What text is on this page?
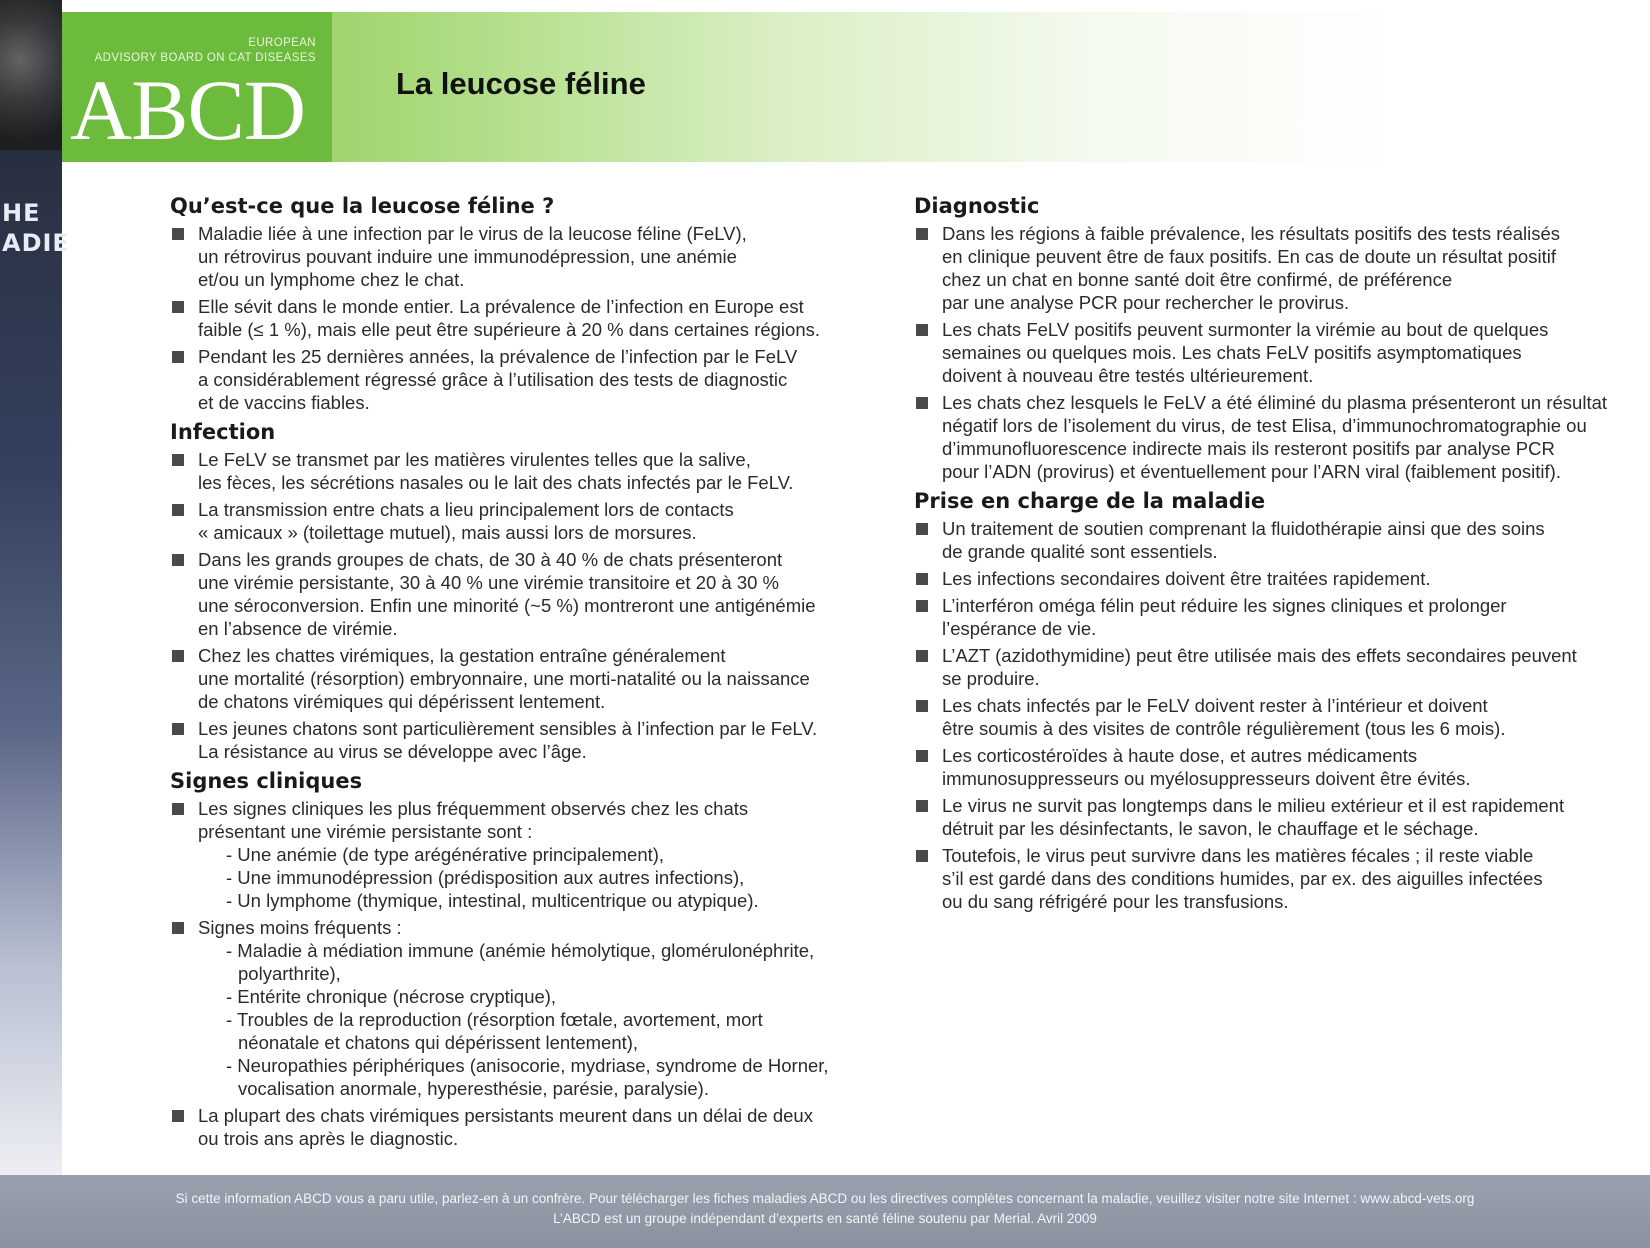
HE
ADIE
EUROPEAN
ADVISORY BOARD ON CAT DISEASES
ABCD	La leucose féline
Qu’est-ce que la leucose féline ?
Maladie liée à une infection par le virus de la leucose féline (FeLV),
un rétrovirus pouvant induire une immunodépression, une anémie
et/ou un lymphome chez le chat.
Elle sévit dans le monde entier. La prévalence de l’infection en Europe est
faible (≤ 1 %), mais elle peut être supérieure à 20 % dans certaines régions.
Pendant les 25 dernières années, la prévalence de l’infection par le FeLV
a considérablement régressé grâce à l’utilisation des tests de diagnostic
et de vaccins fiables.
Infection
Le FeLV se transmet par les matières virulentes telles que la salive,
les fèces, les sécrétions nasales ou le lait des chats infectés par le FeLV.
La transmission entre chats a lieu principalement lors de contacts
« amicaux » (toilettage mutuel), mais aussi lors de morsures.
Dans les grands groupes de chats, de 30 à 40 % de chats présenteront
une virémie persistante, 30 à 40 % une virémie transitoire et 20 à 30 %
une séroconversion. Enfin une minorité (~5 %) montreront une antigénémie
en l’absence de virémie.
Chez les chattes virémiques, la gestation entraîne généralement
une mortalité (résorption) embryonnaire, une morti-natalité ou la naissance
de chatons virémiques qui dépérissent lentement.
Les jeunes chatons sont particulièrement sensibles à l’infection par le FeLV.
La résistance au virus se développe avec l’âge.
Signes cliniques
Les signes cliniques les plus fréquemment observés chez les chats
présentant une virémie persistante sont :
- Une anémie (de type arégénérative principalement),
- Une immunodépression (prédisposition aux autres infections),
- Un lymphome (thymique, intestinal, multicentrique ou atypique).
Signes moins fréquents :
- Maladie à médiation immune (anémie hémolytique, glomérulonéphrite,
polyarthrite),
- Entérite chronique (nécrose cryptique),
- Troubles de la reproduction (résorption fœtale, avortement, mort
néonatale et chatons qui dépérissent lentement),
- Neuropathies périphériques (anisocorie, mydriase, syndrome de Horner,
vocalisation anormale, hyperesthésie, parésie, paralysie).
La plupart des chats virémiques persistants meurent dans un délai de deux
ou trois ans après le diagnostic.
Diagnostic
Dans les régions à faible prévalence, les résultats positifs des tests réalisés
en clinique peuvent être de faux positifs. En cas de doute un résultat positif
chez un chat en bonne santé doit être confirmé, de préférence
par une analyse PCR pour rechercher le provirus.
Les chats FeLV positifs peuvent surmonter la virémie au bout de quelques
semaines ou quelques mois. Les chats FeLV positifs asymptomatiques
doivent à nouveau être testés ultérieurement.
Les chats chez lesquels le FeLV a été éliminé du plasma présenteront un résultat
négatif lors de l’isolement du virus, de test Elisa, d’immunochromatographie ou
d’immunofluorescence indirecte mais ils resteront positifs par analyse PCR
pour l’ADN (provirus) et éventuellement pour l’ARN viral (faiblement positif).
Prise en charge de la maladie
Un traitement de soutien comprenant la fluidothérapie ainsi que des soins
de grande qualité sont essentiels.
Les infections secondaires doivent être traitées rapidement.
L’interféron oméga félin peut réduire les signes cliniques et prolonger
l’espérance de vie.
L’AZT (azidothymidine) peut être utilisée mais des effets secondaires peuvent
se produire.
Les chats infectés par le FeLV doivent rester à l’intérieur et doivent
être soumis à des visites de contrôle régulièrement (tous les 6 mois).
Les corticostéroïdes à haute dose, et autres médicaments
immunosuppresseurs ou myélosuppresseurs doivent être évités.
Le virus ne survit pas longtemps dans le milieu extérieur et il est rapidement
détruit par les désinfectants, le savon, le chauffage et le séchage.
Toutefois, le virus peut survivre dans les matières fécales ; il reste viable
s’il est gardé dans des conditions humides, par ex. des aiguilles infectées
ou du sang réfrigéré pour les transfusions.
Si cette information ABCD vous a paru utile, parlez-en à un confrère. Pour télécharger les fiches maladies ABCD ou les directives complètes concernant la maladie, veuillez visiter notre site Internet : www.abcd-vets.org
L’ABCD est un groupe indépendant d’experts en santé féline soutenu par Merial. Avril 2009
